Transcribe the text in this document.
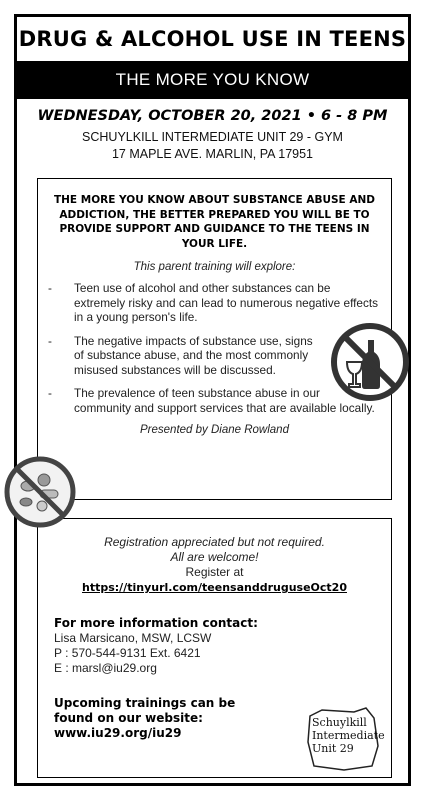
DRUG & ALCOHOL USE IN TEENS
THE MORE YOU KNOW
WEDNESDAY, OCTOBER 20, 2021 • 6 - 8 PM
SCHUYLKILL INTERMEDIATE UNIT 29 - GYM
17 MAPLE AVE. MARLIN, PA 17951
THE MORE YOU KNOW ABOUT SUBSTANCE ABUSE AND ADDICTION, THE BETTER PREPARED YOU WILL BE TO PROVIDE SUPPORT AND GUIDANCE TO THE TEENS IN YOUR LIFE.
This parent training will explore:
- Teen use of alcohol and other substances can be extremely risky and can lead to numerous negative effects in a young person's life.
- The negative impacts of substance use, signs of substance abuse, and the most commonly misused substances will be discussed.
- The prevalence of teen substance abuse in our community and support services that are available locally.
Presented by Diane Rowland
Registration appreciated but not required.
All are welcome!
Register at
https://tinyurl.com/teensanddruguseOct20
For more information contact:
Lisa Marsicano, MSW, LCSW
P : 570-544-9131 Ext. 6421
E : marsl@iu29.org
Upcoming trainings can be
found on our website:
www.iu29.org/iu29
Schuylkill
Intermediate
Unit 29
